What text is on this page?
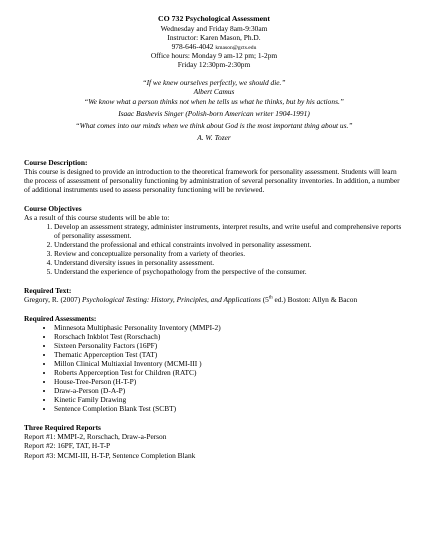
CO 732 Psychological Assessment
Wednesday and Friday 8am-9:30am
Instructor: Karen Mason, Ph.D.
978-646-4042 kmason@gcts.edu
Office hours: Monday 9 am-12 pm; 1-2pm
Friday 12:30pm-2:30pm
“If we knew ourselves perfectly, we should die.”
Albert Camus
“We know what a person thinks not when he tells us what he thinks, but by his actions.”
Isaac Bashevis Singer (Polish-born American writer 1904-1991)
“What comes into our minds when we think about God is the most important thing about us.”
A. W. Tozer
Course Description:

This course is designed to provide an introduction to the theoretical framework for personality assessment. Students will learn the process of assessment of personality functioning by administration of several personality inventories. In addition, a number of additional instruments used to assess personality functioning will be reviewed.

Course Objectives

As a result of this course students will be able to:

1. Develop an assessment strategy, administer instruments, interpret results, and write useful and comprehensive reports of personality assessment.
2. Understand the professional and ethical constraints involved in personality assessment.
3. Review and conceptualize personality from a variety of theories.
4. Understand diversity issues in personality assessment.
5. Understand the experience of psychopathology from the perspective of the consumer.
Required Text:

Gregory, R. (2007) Psychological Testing: History, Principles, and Applications (5th ed.) Boston: Allyn & Bacon

Required Assessments:
• Minnesota Multiphasic Personality Inventory (MMPI-2)
• Rorschach Inkblot Test (Rorschach)
• Sixteen Personality Factors (16PF)
• Thematic Apperception Test (TAT)
• Millon Clinical Multiaxial Inventory (MCMI-III )
• Roberts Apperception Test for Children (RATC)
• House-Tree-Person (H-T-P)
• Draw-a-Person (D-A-P)
• Kinetic Family Drawing
• Sentence Completion Blank Test (SCBT)
Three Required Reports
Report #1: MMPI-2, Rorschach, Draw-a-Person
Report #2: 16PF, TAT, H-T-P
Report #3: MCMI-III, H-T-P, Sentence Completion Blank
